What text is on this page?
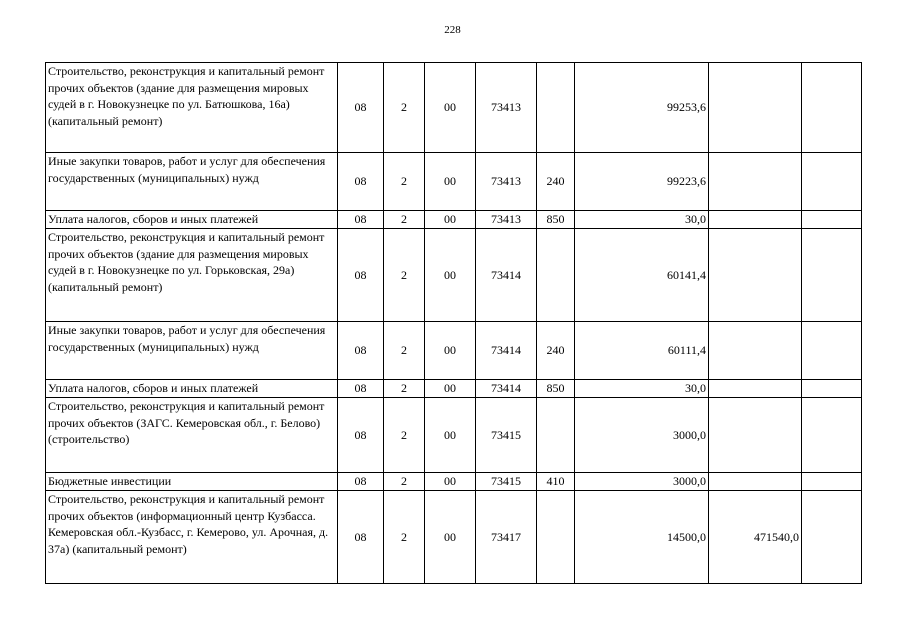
228
Строительство, реконструкция и капитальный ремонт прочих объектов (здание для размещения мировых судей в г. Новокузнецке по ул. Батюшкова, 16а) (капитальный ремонт)	08	2	00	73413		99253,6		
Иные закупки товаров, работ и услуг для обеспечения государственных (муниципальных) нужд	08	2	00	73413	240	99223,6		
Уплата налогов, сборов и иных платежей	08	2	00	73413	850	30,0		
Строительство, реконструкция и капитальный ремонт прочих объектов (здание для размещения мировых судей в г. Новокузнецке по ул. Горьковская, 29а) (капитальный ремонт)	08	2	00	73414		60141,4		
Иные закупки товаров, работ и услуг для обеспечения государственных (муниципальных) нужд	08	2	00	73414	240	60111,4		
Уплата налогов, сборов и иных платежей	08	2	00	73414	850	30,0		
Строительство, реконструкция и капитальный ремонт прочих объектов (ЗАГС. Кемеровская обл., г. Белово) (строительство)	08	2	00	73415		3000,0		
Бюджетные инвестиции	08	2	00	73415	410	3000,0		
Строительство, реконструкция и капитальный ремонт прочих объектов (информационный центр Кузбасса. Кемеровская обл.-Кузбасс, г. Кемерово, ул. Арочная, д. 37а) (капитальный ремонт)	08	2	00	73417		14500,0	471540,0	
